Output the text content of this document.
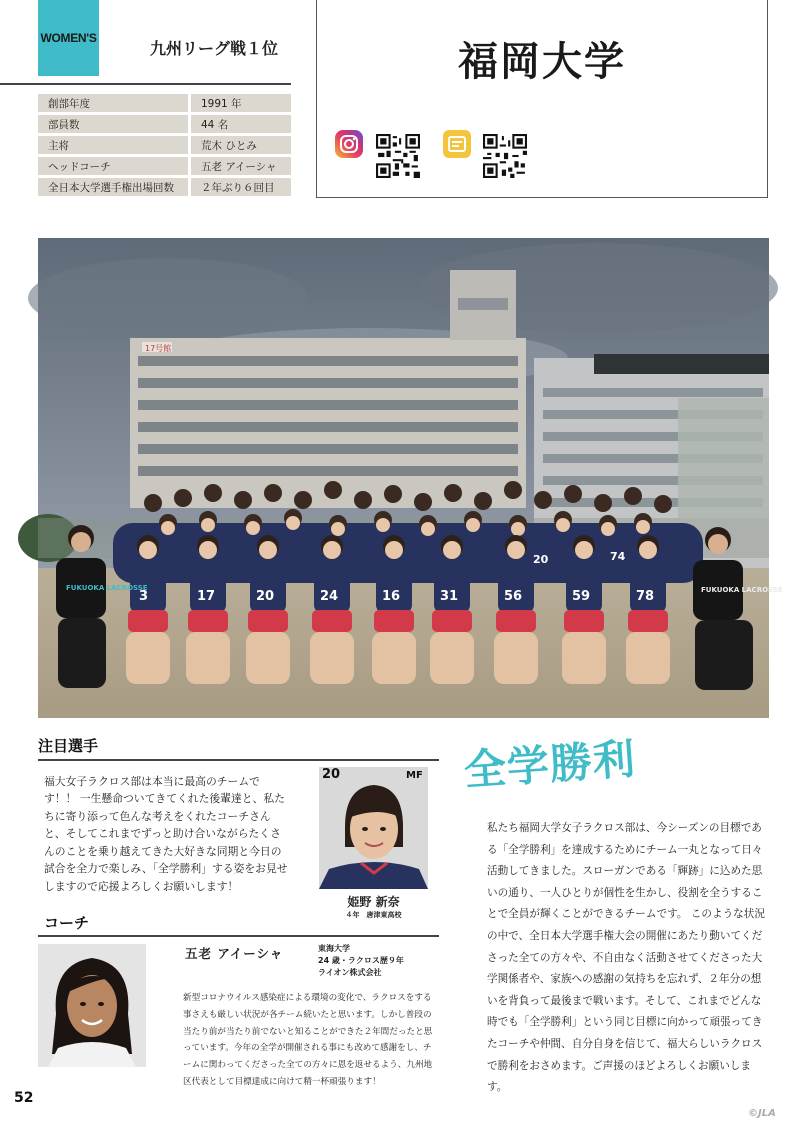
WOMEN'S
九州リーグ戦１位
創部年度	1991 年
部員数	44 名
主将	荒木 ひとみ
ヘッドコーチ	五老 アイーシャ
全日本大学選手権出場回数	２年ぶり６回目
福岡大学
17号館
20	74
3	17	20	24	16	31	56	59	78
FUKUOKA LACROSSE	FUKUOKA LACROSSE
注目選手
福大女子ラクロス部は本当に最高のチームです！！ 一生懸命ついてきてくれた後輩達と、私たちに寄り添って色んな考えをくれたコーチさんと、そしてこれまでずっと助け合いながらたくさんのことを乗り越えてきた大好きな同期と今日の試合を全力で楽しみ、「全学勝利」する姿をお見せしますので応援よろしくお願いします！
20	MF
姫野 新奈
４年　唐津東高校
コーチ
五老 アイーシャ	東海大学
24 歳・ラクロス歴９年
ライオン株式会社
新型コロナウイルス感染症による環境の変化で、ラクロスをする事さえも厳しい状況が各チーム続いたと思います。しかし普段の当たり前が当たり前でないと知ることができた２年間だったと思っています。今年の全学が開催される事にも改めて感謝をし、チームに関わってくださった全ての方々に恩を返せるよう、九州地区代表として目標達成に向けて精一杯頑張ります！
全学勝利
私たち福岡大学女子ラクロス部は、今シーズンの目標である「全学勝利」を達成するためにチーム一丸となって日々活動してきました。スローガンである「輝跡」に込めた思いの通り、一人ひとりが個性を生かし、役割を全うすることで全員が輝くことができるチームです。 このような状況の中で、全日本大学選手権大会の開催にあたり動いてくださった全ての方々や、不自由なく活動させてくださった大学関係者や、家族への感謝の気持ちを忘れず、２年分の想いを背負って最後まで戦います。そして、これまでどんな時でも「全学勝利」という同じ目標に向かって頑張ってきたコーチや仲間、自分自身を信じて、福大らしいラクロスで勝利をおさめます。ご声援のほどよろしくお願いします。
52
©JLA
